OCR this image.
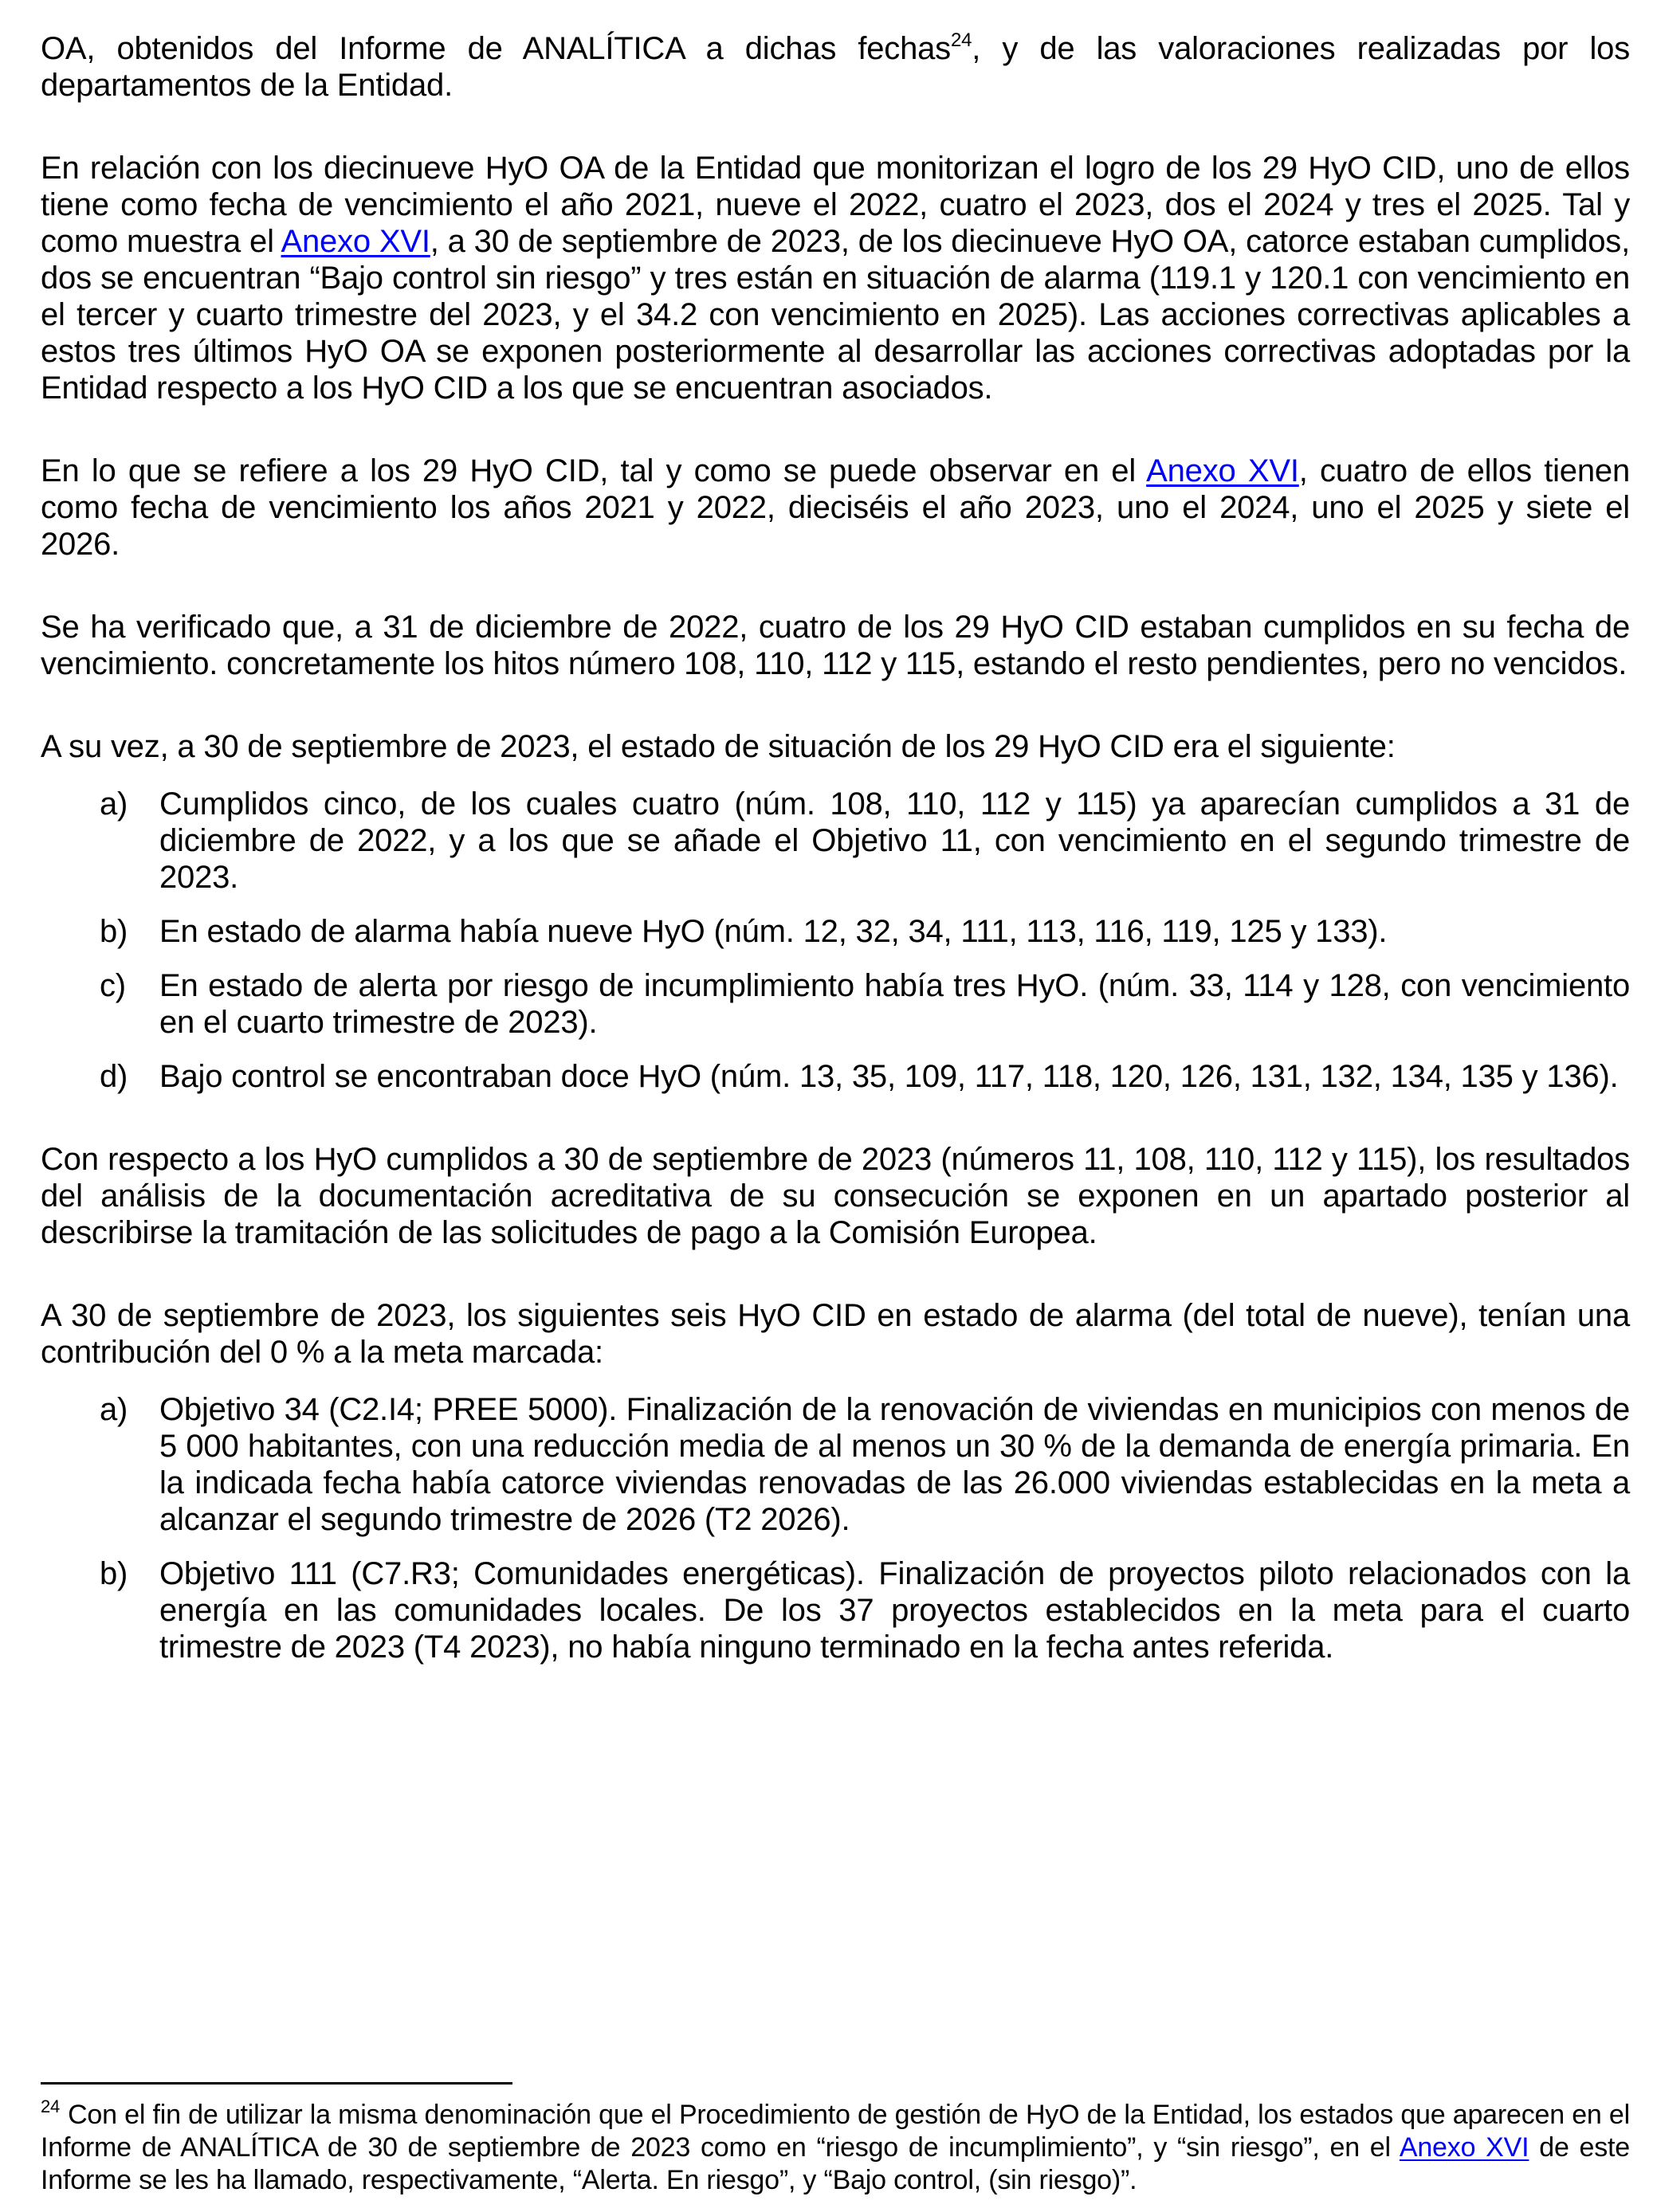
OA, obtenidos del Informe de ANALÍTICA a dichas fechas$^{24}$, y de las valoraciones realizadas por los departamentos de la Entidad.

En relación con los diecinueve HyO OA de la Entidad que monitorizan el logro de los 29 HyO CID, uno de ellos tiene como fecha de vencimiento el año 2021, nueve el 2022, cuatro el 2023, dos el 2024 y tres el 2025. Tal y como muestra el Anexo XVI, a 30 de septiembre de 2023, de los diecinueve HyO OA, catorce estaban cumplidos, dos se encuentran “Bajo control sin riesgo” y tres están en situación de alarma (119.1 y 120.1 con vencimiento en el tercer y cuarto trimestre del 2023, y el 34.2 con vencimiento en 2025). Las acciones correctivas aplicables a estos tres últimos HyO OA se exponen posteriormente al desarrollar las acciones correctivas adoptadas por la Entidad respecto a los HyO CID a los que se encuentran asociados.

En lo que se refiere a los 29 HyO CID, tal y como se puede observar en el Anexo XVI, cuatro de ellos tienen como fecha de vencimiento los años 2021 y 2022, dieciséis el año 2023, uno el 2024, uno el 2025 y siete el 2026.

Se ha verificado que, a 31 de diciembre de 2022, cuatro de los 29 HyO CID estaban cumplidos en su fecha de vencimiento. concretamente los hitos número 108, 110, 112 y 115, estando el resto pendientes, pero no vencidos.

A su vez, a 30 de septiembre de 2023, el estado de situación de los 29 HyO CID era el siguiente:

a) Cumplidos cinco, de los cuales cuatro (núm. 108, 110, 112 y 115) ya aparecían cumplidos a 31 de diciembre de 2022, y a los que se añade el Objetivo 11, con vencimiento en el segundo trimestre de 2023.
b) En estado de alarma había nueve HyO (núm. 12, 32, 34, 111, 113, 116, 119, 125 y 133).
c)	En estado de alerta por riesgo de incumplimiento había tres HyO. (núm. 33, 114 y 128, con vencimiento en el cuarto trimestre de 2023).
d) Bajo control se encontraban doce HyO (núm. 13, 35, 109, 117, 118, 120, 126, 131, 132, 134, 135 y 136).

Con respecto a los HyO cumplidos a 30 de septiembre de 2023 (números 11, 108, 110, 112 y 115), los resultados del análisis de la documentación acreditativa de su consecución se exponen en un apartado posterior al describirse la tramitación de las solicitudes de pago a la Comisión Europea.

A 30 de septiembre de 2023, los siguientes seis HyO CID en estado de alarma (del total de nueve), tenían una contribución del 0 % a la meta marcada:

a) Objetivo 34 (C2.I4; PREE 5000). Finalización de la renovación de viviendas en municipios con menos de 5 000 habitantes, con una reducción media de al menos un 30 % de la demanda de energía primaria. En la indicada fecha había catorce viviendas renovadas de las 26.000 viviendas establecidas en la meta a alcanzar el segundo trimestre de 2026 (T2 2026).
b) Objetivo 111 (C7.R3; Comunidades energéticas). Finalización de proyectos piloto relacionados con la energía en las comunidades locales. De los 37 proyectos establecidos en la meta para el cuarto trimestre de 2023 (T4 2023), no había ninguno terminado en la fecha antes referida.
$^{24}$ Con el fin de utilizar la misma denominación que el Procedimiento de gestión de HyO de la Entidad, los estados que aparecen en el Informe de ANALÍTICA de 30 de septiembre de 2023 como en “riesgo de incumplimiento”, y “sin riesgo”, en el Anexo XVI de este Informe se les ha llamado, respectivamente, “Alerta. En riesgo”, y “Bajo control, (sin riesgo)”.
